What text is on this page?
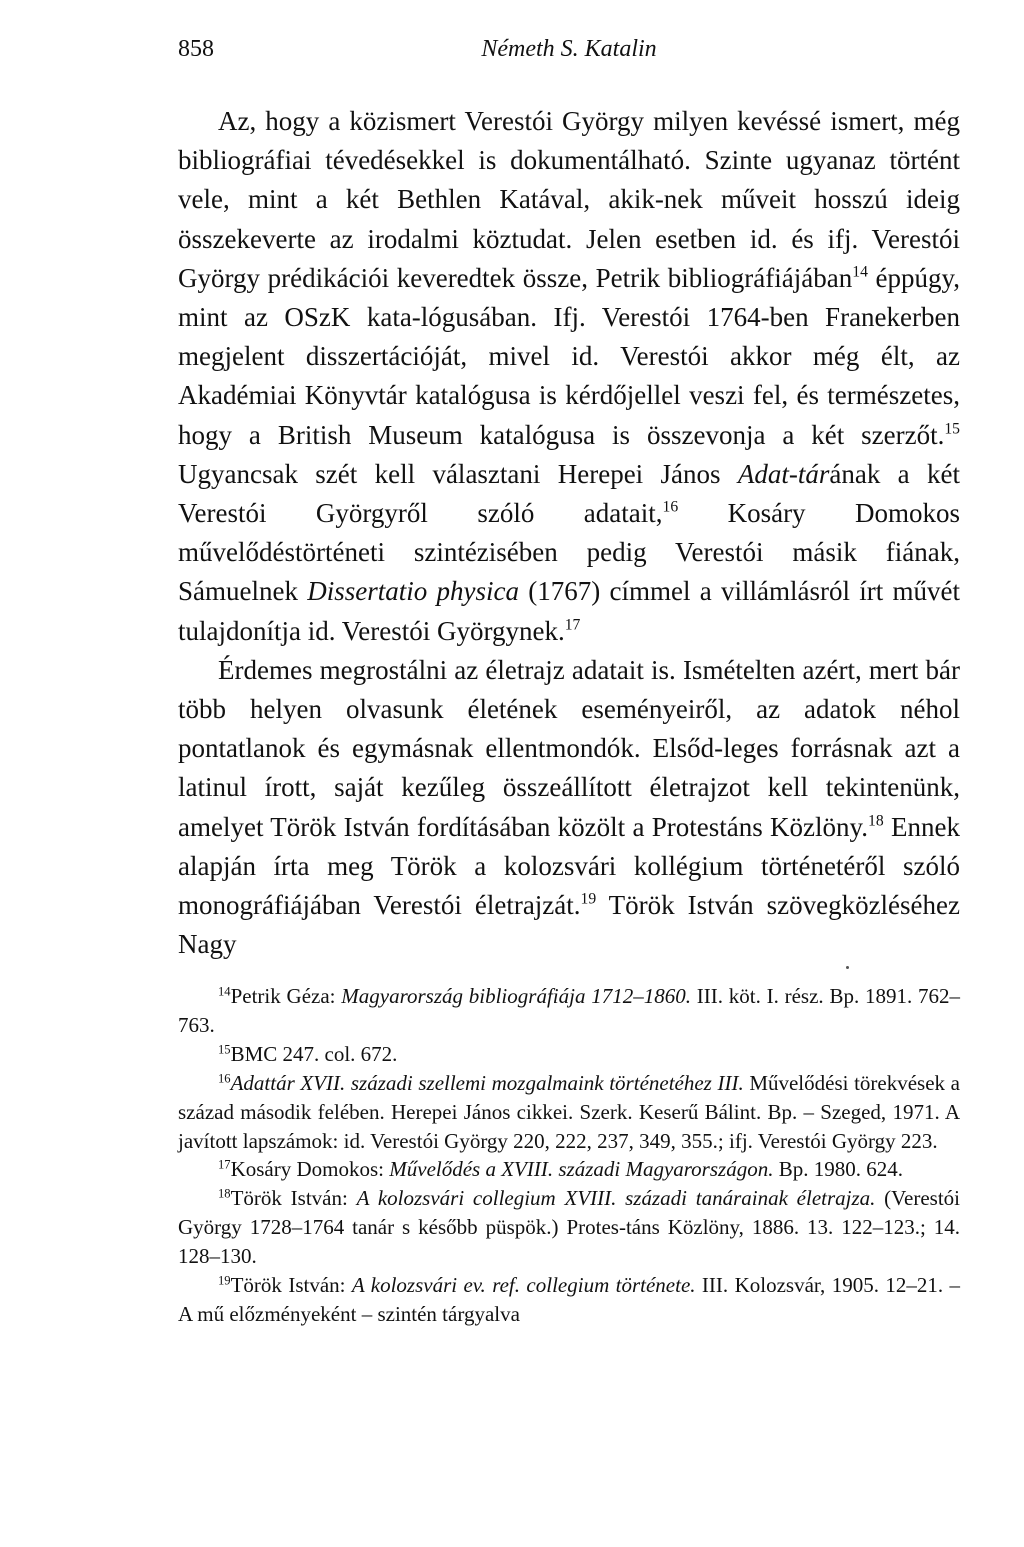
858	Németh S. Katalin

Az, hogy a közismert Verestói György milyen kevéssé ismert, még bibliográfiai tévedésekkel is dokumentálható. Szinte ugyanaz történt vele, mint a két Bethlen Katával, akik-nek műveit hosszú ideig összekeverte az irodalmi köztudat. Jelen esetben id. és ifj. Verestói György prédikációi keveredtek össze, Petrik bibliográfiájában$^{14}$ éppúgy, mint az OSzK kata-lógusában. Ifj. Verestói 1764-ben Franekerben megjelent disszertációját, mivel id. Verestói akkor még élt, az Akadémiai Könyvtár katalógusa is kérdőjellel veszi fel, és természetes, hogy a British Museum katalógusa is összevonja a két szerzőt.$^{15}$ Ugyancsak szét kell választani Herepei János Adat-tárának a két Verestói Györgyről szóló adatait,$^{16}$ Kosáry Domokos művelődéstörténeti szintézisében pedig Verestói másik fiának, Sámuelnek Dissertatio physica (1767) címmel a villámlásról írt művét tulajdonítja id. Verestói Györgynek.$^{17}$

Érdemes megrostálni az életrajz adatait is. Ismételten azért, mert bár több helyen olvasunk életének eseményeiről, az adatok néhol pontatlanok és egymásnak ellentmondók. Elsőd-leges forrásnak azt a latinul írott, saját kezűleg összeállított életrajzot kell tekintenünk, amelyet Török István fordításában közölt a Protestáns Közlöny.$^{18}$ Ennek alapján írta meg Török a kolozsvári kollégium történetéről szóló monográfiájában Verestói életrajzát.$^{19}$ Török István szövegközléséhez Nagy

$^{14}$Petrik Géza: Magyarország bibliográfiája 1712–1860. III. köt. I. rész. Bp. 1891. 762–763.

$^{15}$BMC 247. col. 672.

$^{16}$Adattár XVII. századi szellemi mozgalmaink történetéhez III. Művelődési törekvések a század második felében. Herepei János cikkei. Szerk. Keserű Bálint. Bp. – Szeged, 1971. A javított lapszámok: id. Verestói György 220, 222, 237, 349, 355.; ifj. Verestói György 223.

$^{17}$Kosáry Domokos: Művelődés a XVIII. századi Magyarországon. Bp. 1980. 624.

$^{18}$Török István: A kolozsvári collegium XVIII. századi tanárainak életrajza. (Verestói György 1728–1764 tanár s később püspök.) Protes-táns Közlöny, 1886. 13. 122–123.; 14. 128–130.

$^{19}$Török István: A kolozsvári ev. ref. collegium története. III. Kolozsvár, 1905. 12–21. – A mű előzményeként – szintén tárgyalva
